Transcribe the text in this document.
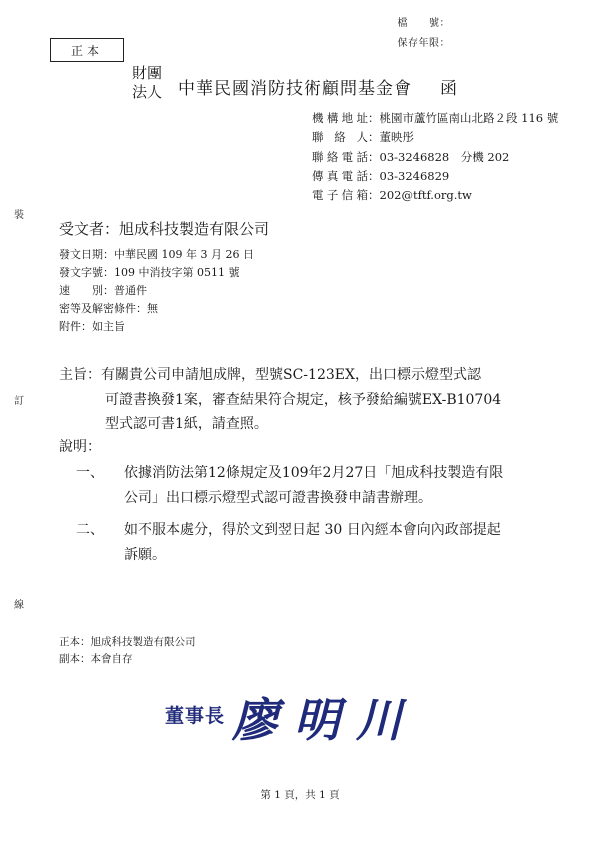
檔　　號：
保存年限：
正本
財團
法人 中華民國消防技術顧問基金會 函
機構地址：桃園市蘆竹區南山北路２段 116 號
聯 絡 人：董映彤
聯絡電話：03-3246828　分機 202
傳真電話：03-3246829
電子信箱：202@tftf.org.tw
裝
訂
線
受文者：旭成科技製造有限公司
發文日期：中華民國 109 年 3 月 26 日
發文字號：109 中消技字第 0511 號
速　　別：普通件
密等及解密條件：無
附件：如主旨
主旨：有關貴公司申請旭成牌，型號SC-123EX，出口標示燈型式認
可證書換發1案，審查結果符合規定，核予發給編號EX-B10704
型式認可書1紙，請查照。
說明：
一、 依據消防法第12條規定及109年2月27日「旭成科技製造有限
公司」出口標示燈型式認可證書換發申請書辦理。
二、 如不服本處分，得於文到翌日起 30 日內經本會向內政部提起
訴願。
正本：旭成科技製造有限公司
副本：本會自存
董事長 廖明川
第 1 頁，共 1 頁
